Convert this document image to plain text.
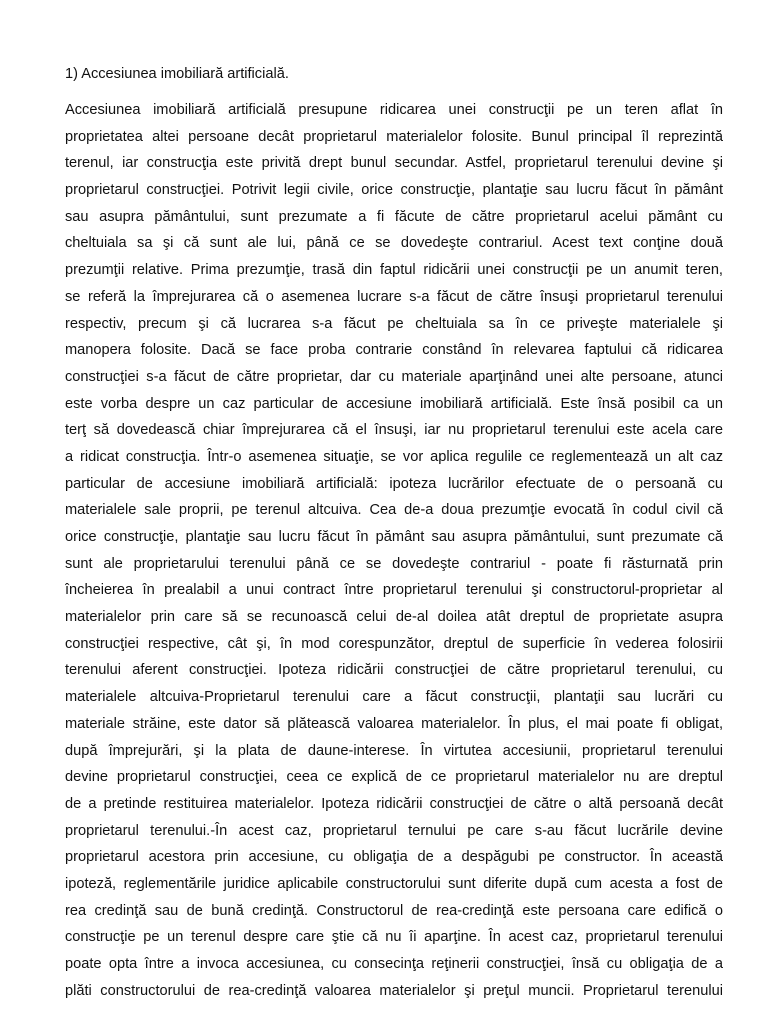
1) Accesiunea imobiliară artificială.
Accesiunea imobiliară artificială presupune ridicarea unei construcţii pe un teren aflat în
proprietatea altei persoane decât proprietarul materialelor folosite. Bunul principal îl reprezintă
terenul, iar construcţia este privită drept bunul secundar. Astfel, proprietarul terenului devine şi
proprietarul construcţiei. Potrivit legii civile, orice construcţie, plantaţie sau lucru făcut în pământ
sau asupra pământului, sunt prezumate a fi făcute de către proprietarul acelui pământ cu
cheltuiala sa şi că sunt ale lui, până ce se dovedeşte contrariul. Acest text conţine două
prezumţii relative. Prima prezumţie, trasă din faptul ridicării unei construcţii pe un anumit teren,
se referă la împrejurarea că o asemenea lucrare s-a făcut de către însuşi proprietarul terenului
respectiv, precum şi că lucrarea s-a făcut pe cheltuiala sa în ce priveşte materialele şi
manopera folosite. Dacă se face proba contrarie constând în relevarea faptului că ridicarea
construcţiei s-a făcut de către proprietar, dar cu materiale aparţinând unei alte persoane, atunci
este vorba despre un caz particular de accesiune imobiliară artificială. Este însă posibil ca un
terţ să dovedească chiar împrejurarea că el însuşi, iar nu proprietarul terenului este acela care
a ridicat construcţia. Într-o asemenea situaţie, se vor aplica regulile ce reglementează un alt caz
particular de accesiune imobiliară artificială: ipoteza lucrărilor efectuate de o persoană cu
materialele sale proprii, pe terenul altcuiva. Cea de-a doua prezumţie evocată în codul civil că
orice construcţie, plantaţie sau lucru făcut în pământ sau asupra pământului, sunt prezumate că
sunt ale proprietarului terenului până ce se dovedeşte contrariul - poate fi răsturnată prin
încheierea în prealabil a unui contract între proprietarul terenului şi constructorul-proprietar al
materialelor prin care să se recunoască celui de-al doilea atât dreptul de proprietate asupra
construcţiei respective, cât şi, în mod corespunzător, dreptul de superficie în vederea folosirii
terenului aferent construcţiei. Ipoteza ridicării construcţiei de către proprietarul terenului, cu
materialele altcuiva-Proprietarul terenului care a făcut construcţii, plantaţii sau lucrări cu
materiale străine, este dator să plătească valoarea materialelor. În plus, el mai poate fi obligat,
după împrejurări, şi la plata de daune-interese. În virtutea accesiunii, proprietarul terenului
devine proprietarul construcţiei, ceea ce explică de ce proprietarul materialelor nu are dreptul
de a pretinde restituirea materialelor. Ipoteza ridicării construcţiei de către o altă persoană decât
proprietarul terenului.-În acest caz, proprietarul ternului pe care s-au făcut lucrările devine
proprietarul acestora prin accesiune, cu obligaţia de a despăgubi pe constructor. În această
ipoteză, reglementările juridice aplicabile constructorului sunt diferite după cum acesta a fost de
rea credinţă sau de bună credinţă. Constructorul de rea-credinţă este persoana care edifică o
construcţie pe un terenul despre care ştie că nu îi aparţine. În acest caz, proprietarul terenului
poate opta între a invoca accesiunea, cu consecinţa reţinerii construcţiei, însă cu obligaţia de a
plăti constructorului de rea-credinţă valoarea materialelor şi preţul muncii. Proprietarul terenului
